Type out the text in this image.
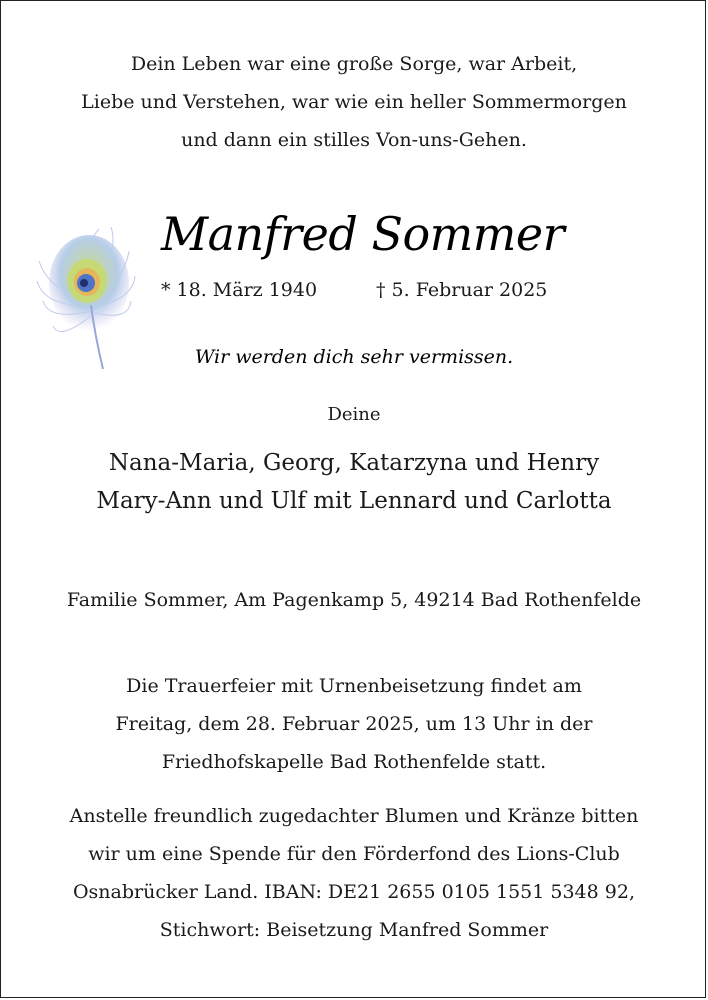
Dein Leben war eine große Sorge, war Arbeit,
Liebe und Verstehen, war wie ein heller Sommermorgen
und dann ein stilles Von-uns-Gehen.
Manfred Sommer
* 18. März 1940	† 5. Februar 2025
Wir werden dich sehr vermissen.
Deine
Nana-Maria, Georg, Katarzyna und Henry
Mary-Ann und Ulf mit Lennard und Carlotta
Familie Sommer, Am Pagenkamp 5, 49214 Bad Rothenfelde
Die Trauerfeier mit Urnenbeisetzung findet am
Freitag, dem 28. Februar 2025, um 13 Uhr in der
Friedhofskapelle Bad Rothenfelde statt.
Anstelle freundlich zugedachter Blumen und Kränze bitten
wir um eine Spende für den Förderfond des Lions-Club
Osnabrücker Land. IBAN: DE21 2655 0105 1551 5348 92,
Stichwort: Beisetzung Manfred Sommer
